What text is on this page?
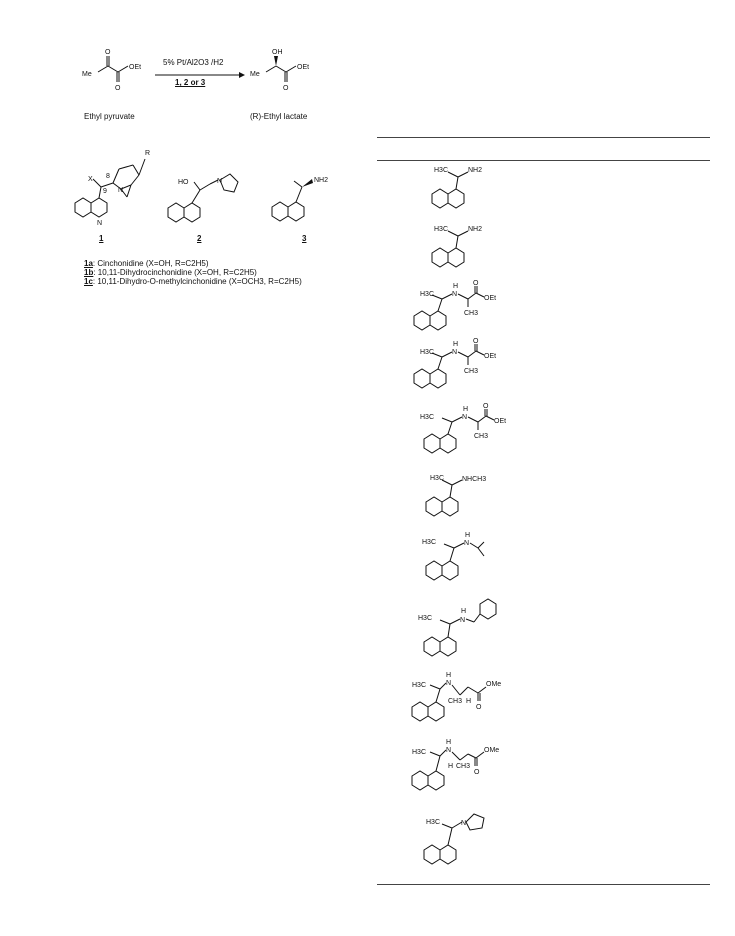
Me
O
O
OEt
5% Pt/Al2O3 /H2
1, 2 or 3
OH
Me
O
OEt
Ethyl pyruvate	(R)-Ethyl lactate
X
R
8
9 N
N
1
HO	N
2
NH2
3
1a: Cinchonidine (X=OH, R=C2H5)
1b: 10,11-Dihydrocinchonidine (X=OH, R=C2H5)
1c: 10,11-Dihydro-O-methylcinchonidine (X=OCH3, R=C2H5)
H3C	NH2
H3C	NH2
H3C	N
H O
OEt
CH3
H3C	N
H O
OEt
CH3
H3C	N
H O
OEt
CH3
H3C	NHCH3
H3C	N
H
H3C	N
H
H3C	N
H
OMe
O
CH3 H
H3C	N
H
OMe
O
CH3
H
H3C	N
